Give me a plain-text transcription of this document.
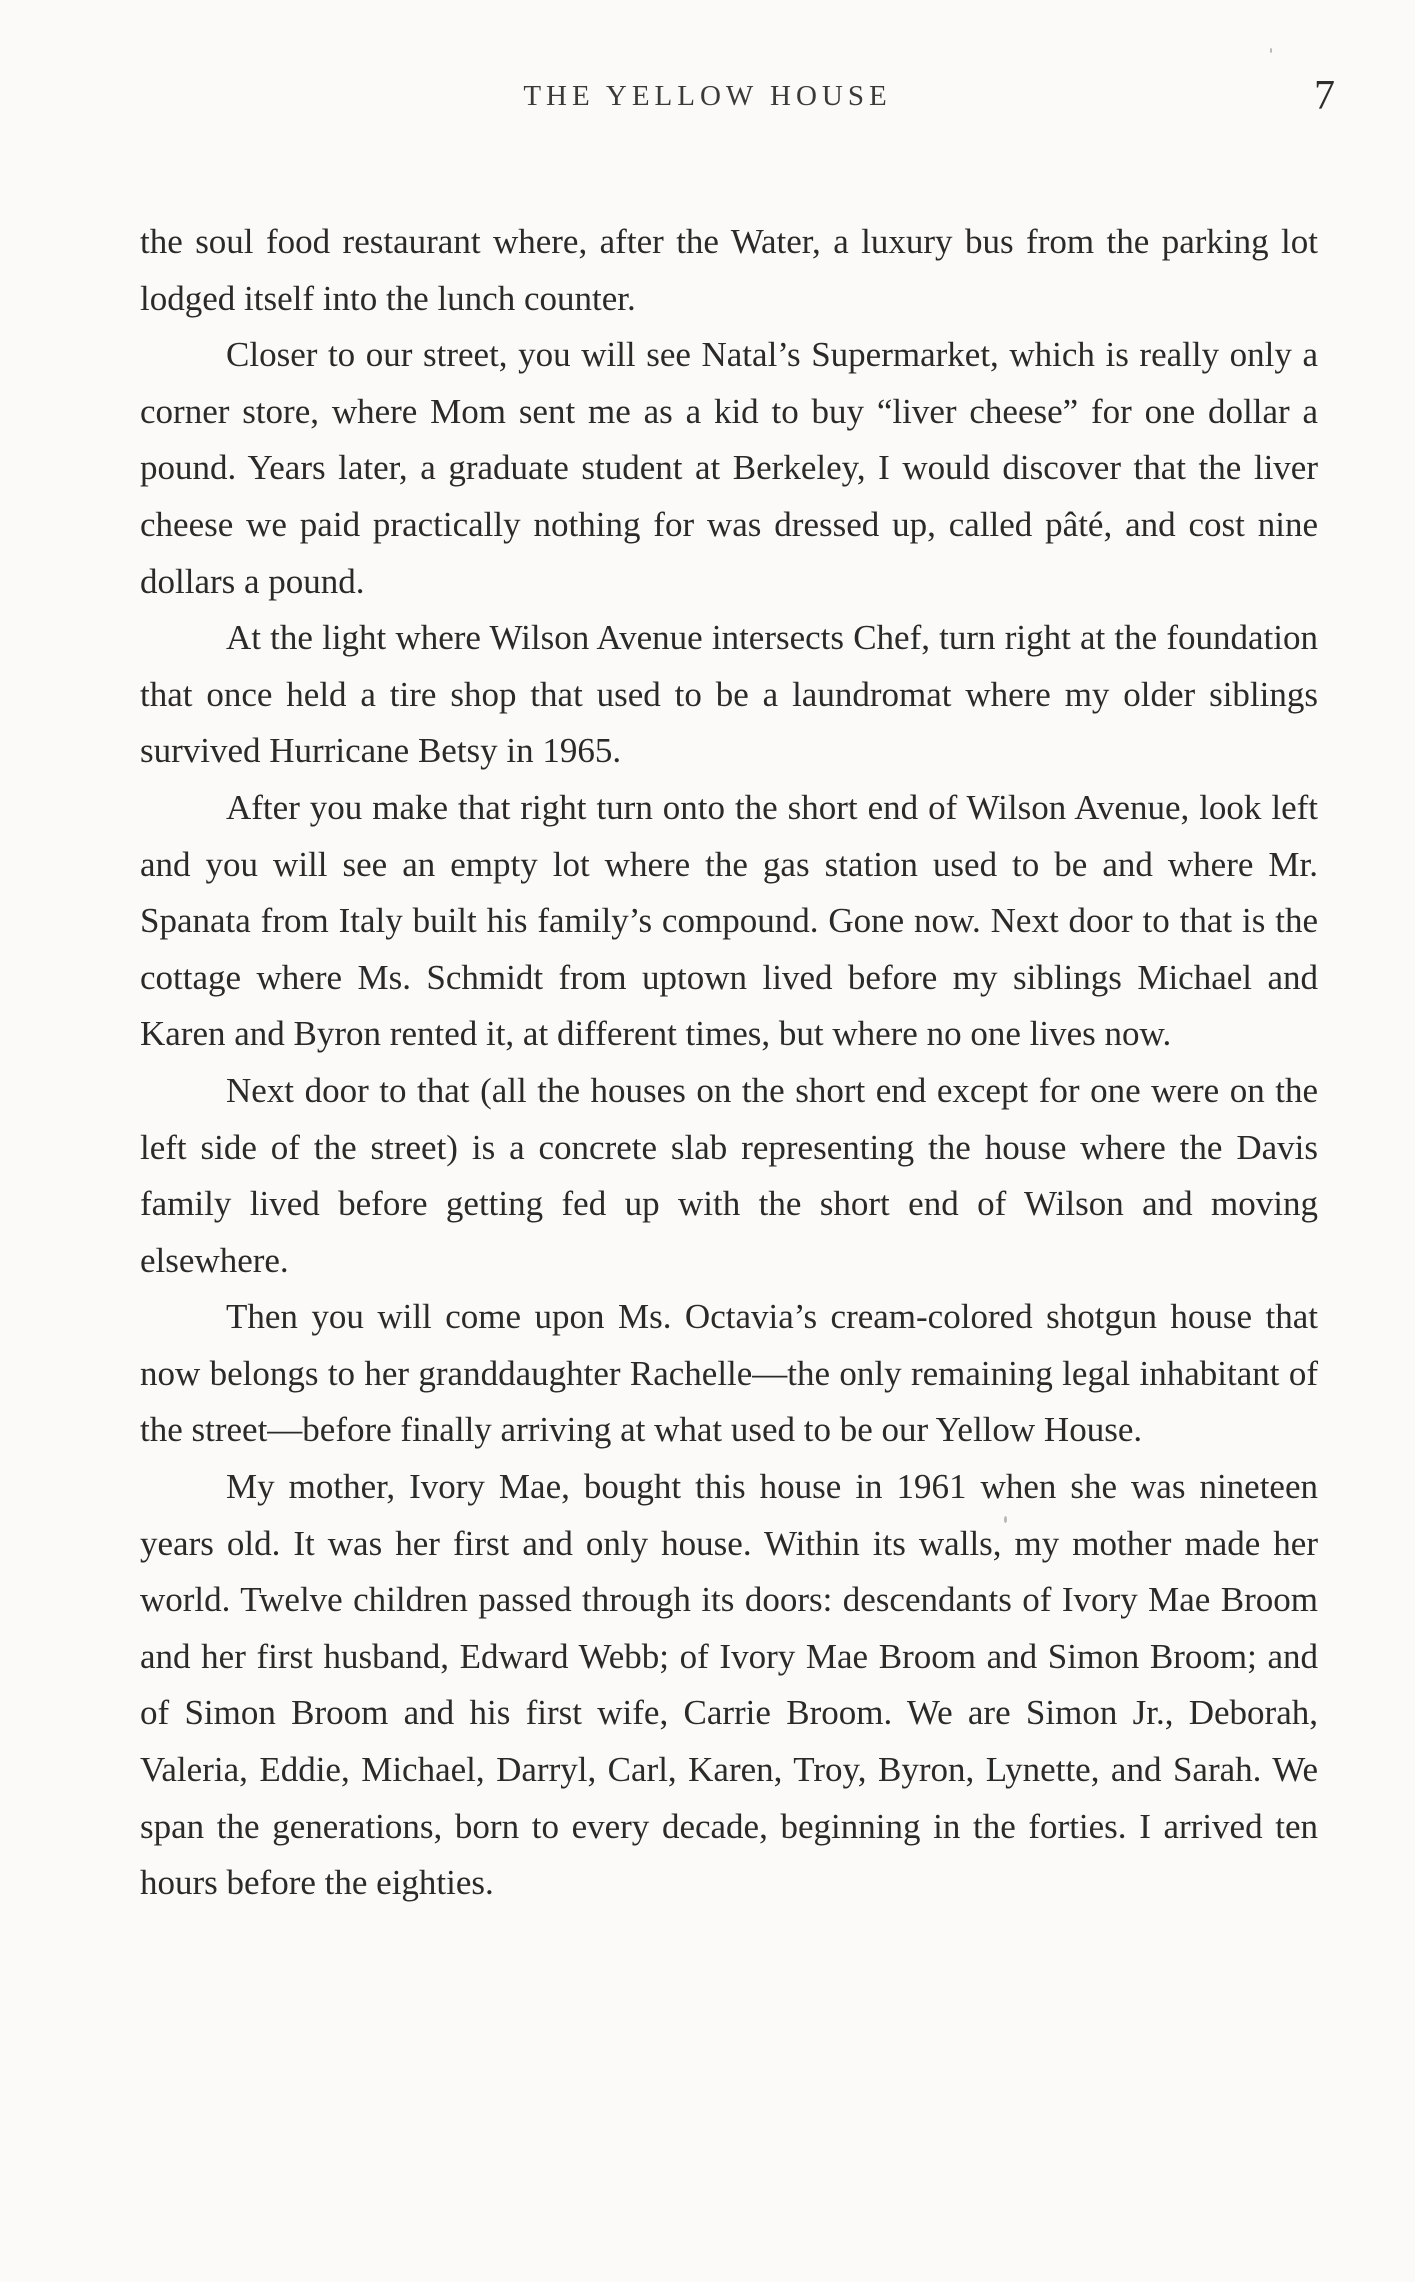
THE YELLOW HOUSE	7

the soul food restaurant where, after the Water, a luxury bus from the parking lot lodged itself into the lunch counter.

Closer to our street, you will see Natal’s Supermarket, which is really only a corner store, where Mom sent me as a kid to buy “liver cheese” for one dollar a pound. Years later, a graduate student at Berkeley, I would discover that the liver cheese we paid practically nothing for was dressed up, called pâté, and cost nine dollars a pound.

At the light where Wilson Avenue intersects Chef, turn right at the foundation that once held a tire shop that used to be a laundromat where my older siblings survived Hurricane Betsy in 1965.

After you make that right turn onto the short end of Wilson Avenue, look left and you will see an empty lot where the gas station used to be and where Mr. Spanata from Italy built his family’s compound. Gone now. Next door to that is the cottage where Ms. Schmidt from uptown lived before my siblings Michael and Karen and Byron rented it, at different times, but where no one lives now.

Next door to that (all the houses on the short end except for one were on the left side of the street) is a concrete slab representing the house where the Davis family lived before getting fed up with the short end of Wilson and moving elsewhere.

Then you will come upon Ms. Octavia’s cream-colored shotgun house that now belongs to her granddaughter Rachelle—the only remaining legal inhabitant of the street—before finally arriving at what used to be our Yellow House.

My mother, Ivory Mae, bought this house in 1961 when she was nineteen years old. It was her first and only house. Within its walls, my mother made her world. Twelve children passed through its doors: descendants of Ivory Mae Broom and her first husband, Edward Webb; of Ivory Mae Broom and Simon Broom; and of Simon Broom and his first wife, Carrie Broom. We are Simon Jr., Deborah, Valeria, Eddie, Michael, Darryl, Carl, Karen, Troy, Byron, Lynette, and Sarah. We span the generations, born to every decade, beginning in the forties. I arrived ten hours before the eighties.
